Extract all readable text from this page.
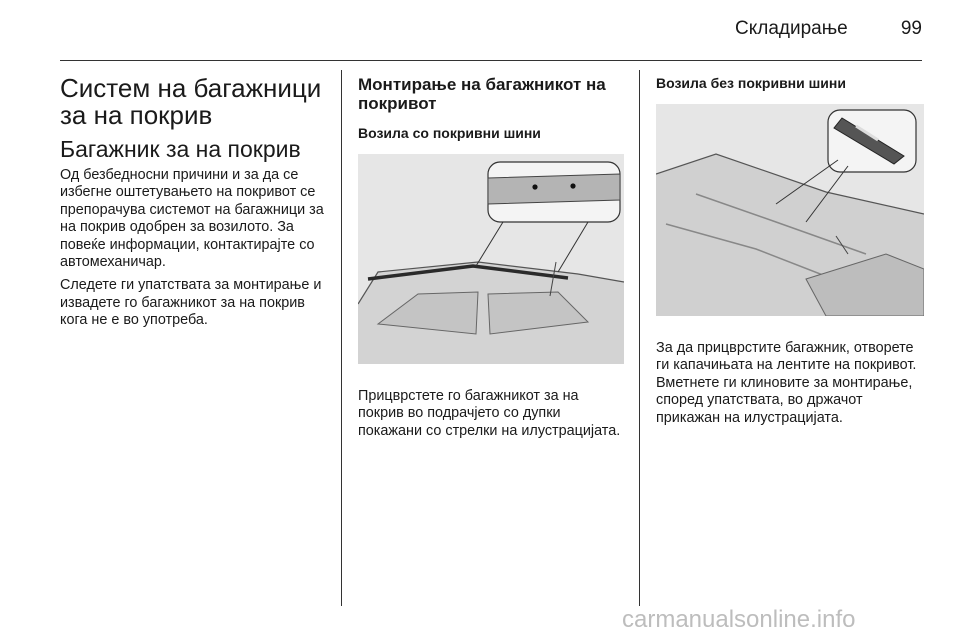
Складирање	99
Систем на багажници за на покрив
Багажник за на покрив

Од безбедносни причини и за да се избегне оштетувањето на покривот се препорачува системот на багажници за на покрив одобрен за возилото. За повеќе информации, контактирајте со автомеханичар.

Следете ги упатствата за монтирање и извадете го багажникот за на покрив кога не е во употреба.

Монтирање на багажникот на покривот
Возила со покривни шини

Прицврстете го багажникот за на покрив во подрачјето со дупки покажани со стрелки на илустрацијата.

Возила без покривни шини

За да прицврстите багажник, отворете ги капачињата на лентите на покривот. Вметнете ги клиновите за монтирање, според упатствата, во држачот прикажан на илустрацијата.

carmanualsonline.info
